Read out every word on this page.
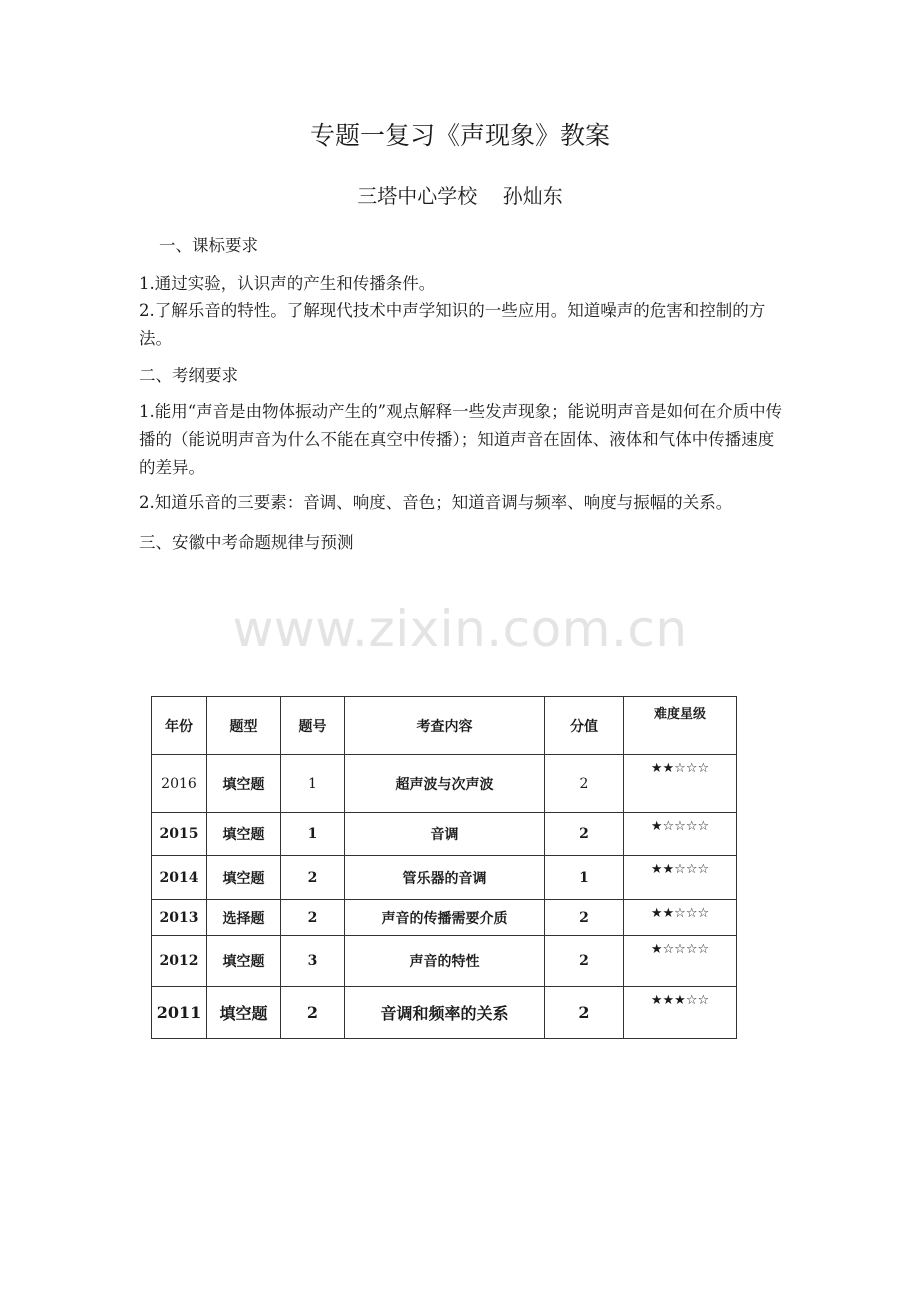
专题一复习《声现象》教案
三塔中心学校    孙灿东
一、课标要求
1.通过实验，认识声的产生和传播条件。
2.了解乐音的特性。了解现代技术中声学知识的一些应用。知道噪声的危害和控制的方法。
二、考纲要求
1.能用“声音是由物体振动产生的”观点解释一些发声现象；能说明声音是如何在介质中传播的（能说明声音为什么不能在真空中传播）；知道声音在固体、液体和气体中传播速度的差异。
2.知道乐音的三要素：音调、响度、音色；知道音调与频率、响度与振幅的关系。
三、安徽中考命题规律与预测
www.zixin.com.cn
年份	题型	题号	考查内容	分值	难度星级
2016	填空题	1	超声波与次声波	2	★★☆☆☆
2015	填空题	1	音调	2	★☆☆☆☆
2014	填空题	2	管乐器的音调	1	★★☆☆☆
2013	选择题	2	声音的传播需要介质	2	★★☆☆☆
2012	填空题	3	声音的特性	2	★☆☆☆☆
2011	填空题	2	音调和频率的关系	2	★★★☆☆
